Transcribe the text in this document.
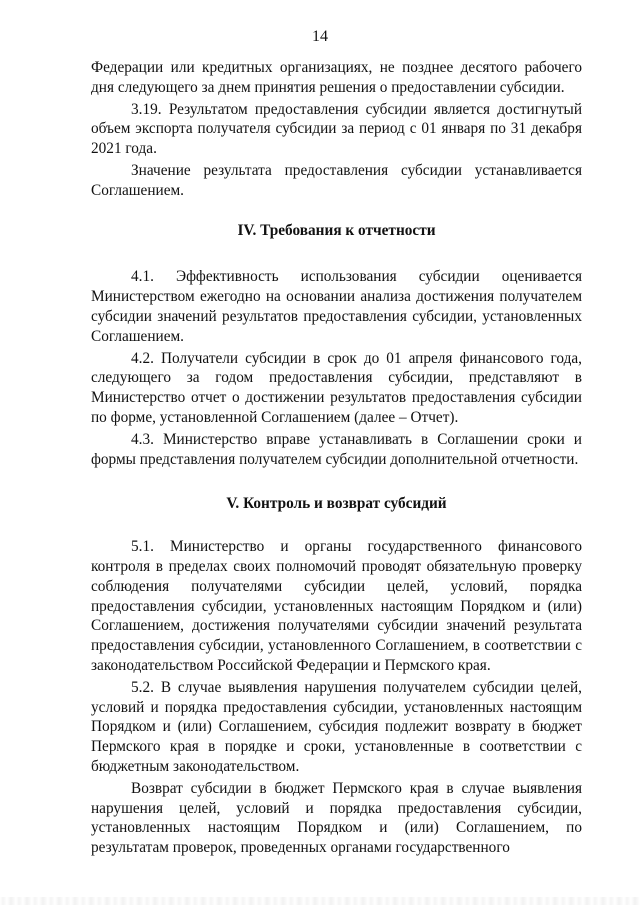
14

Федерации или кредитных организациях, не позднее десятого рабочего дня следующего за днем принятия решения о предоставлении субсидии.

3.19. Результатом предоставления субсидии является достигнутый объем экспорта получателя субсидии за период с 01 января по 31 декабря 2021 года.

Значение результата предоставления субсидии устанавливается Соглашением.

IV. Требования к отчетности

4.1. Эффективность использования субсидии оценивается Министерством ежегодно на основании анализа достижения получателем субсидии значений результатов предоставления субсидии, установленных Соглашением.

4.2. Получатели субсидии в срок до 01 апреля финансового года, следующего за годом предоставления субсидии, представляют в Министерство отчет о достижении результатов предоставления субсидии по форме, установленной Соглашением (далее – Отчет).

4.3. Министерство вправе устанавливать в Соглашении сроки и формы представления получателем субсидии дополнительной отчетности.

V. Контроль и возврат субсидий

5.1. Министерство и органы государственного финансового контроля в пределах своих полномочий проводят обязательную проверку соблюдения получателями субсидии целей, условий, порядка предоставления субсидии, установленных настоящим Порядком и (или) Соглашением, достижения получателями субсидии значений результата предоставления субсидии, установленного Соглашением, в соответствии с законодательством Российской Федерации и Пермского края.

5.2. В случае выявления нарушения получателем субсидии целей, условий и порядка предоставления субсидии, установленных настоящим Порядком и (или) Соглашением, субсидия подлежит возврату в бюджет Пермского края в порядке и сроки, установленные в соответствии с бюджетным законодательством.

Возврат субсидии в бюджет Пермского края в случае выявления нарушения целей, условий и порядка предоставления субсидии, установленных настоящим Порядком и (или) Соглашением, по результатам проверок, проведенных органами государственного
